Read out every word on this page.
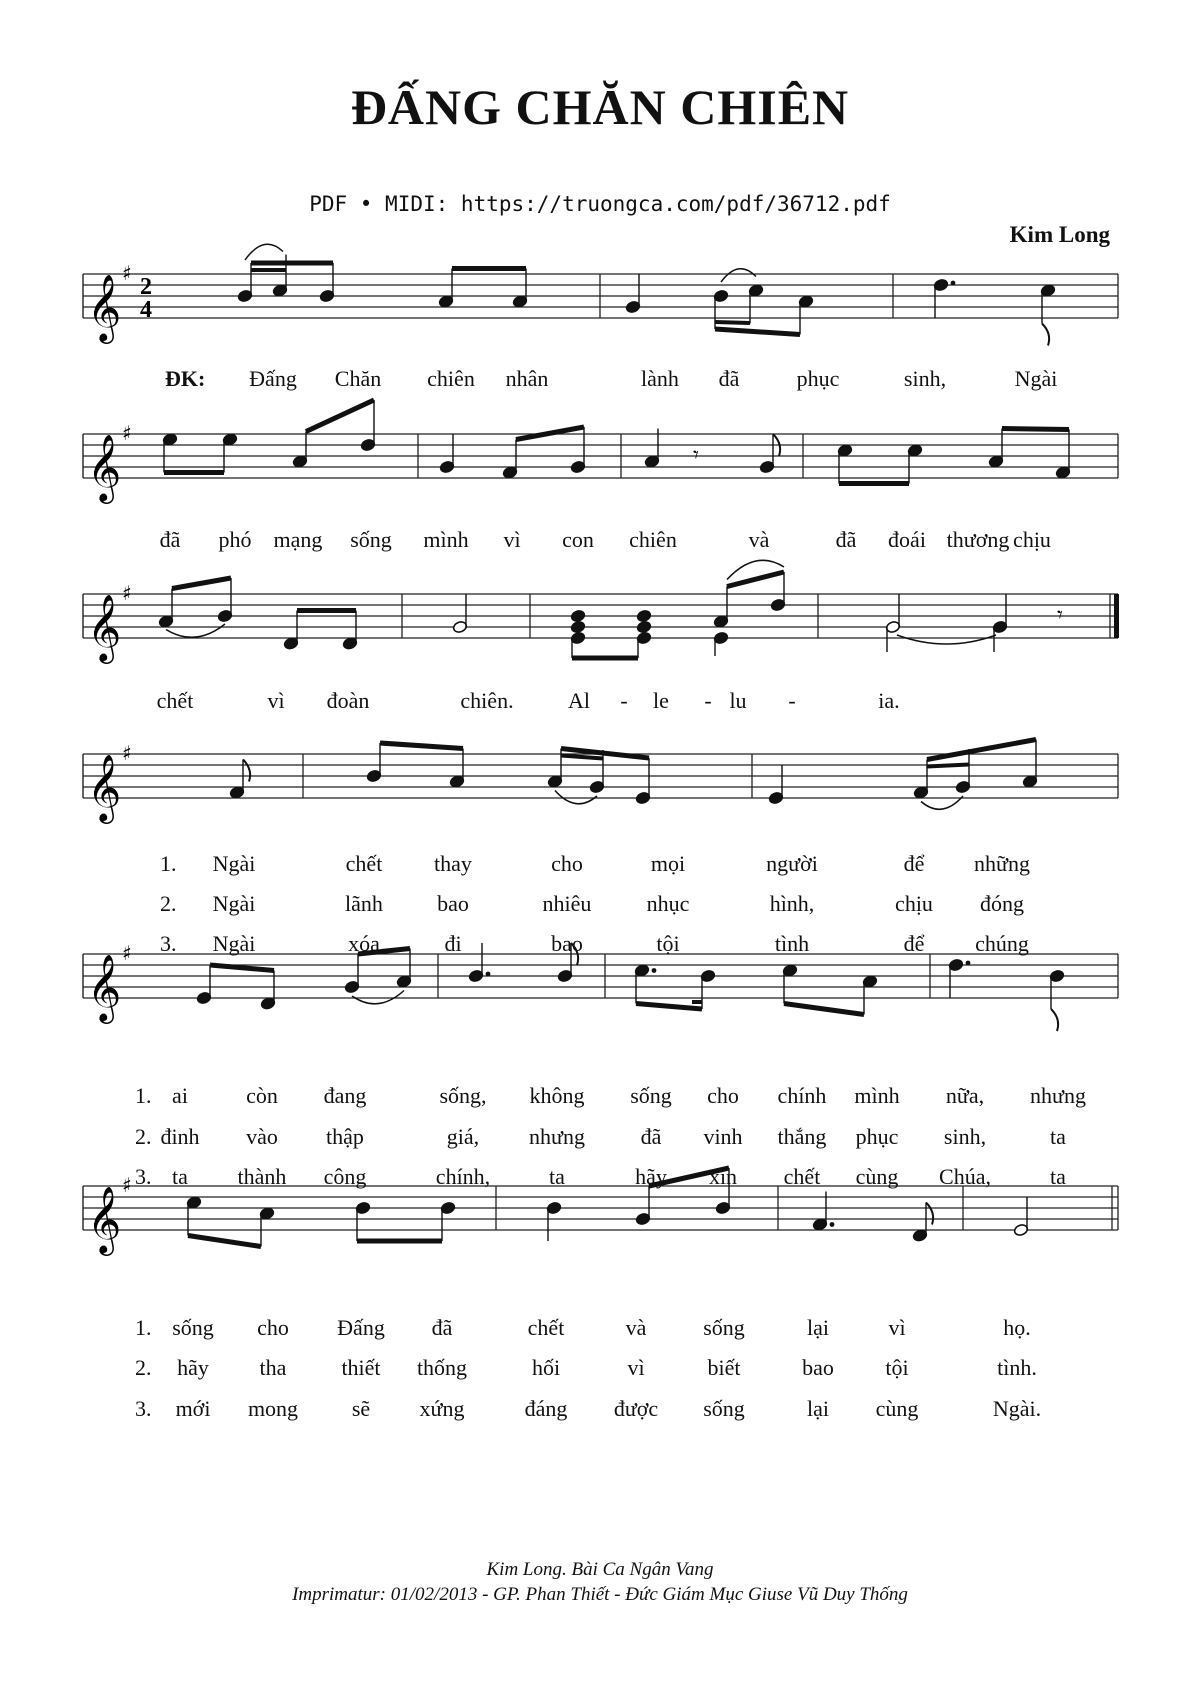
ĐẤNG CHĂN CHIÊN
PDF • MIDI: https://truongca.com/pdf/36712.pdf
Kim Long
𝄞 ♯
2
4
𝄞 ♯
𝄞 ♯
𝄞 ♯
𝄞 ♯
𝄞 ♯
𝄾
𝄾
ĐK: Đấng Chăn chiên nhân	lành đã	phục	sinh,	Ngài
đã phó mạng sống mình vì con chiên	và	đã đoái thương chịu
chết	vì đoàn	chiên. Al - le - lu -	ia.
1. Ngài	chết thay	cho	mọi	người	để những
2. Ngài	lãnh bao	nhiêu	nhục	hình,	chịu đóng
3. Ngài	xóa	đi	bao	tội	tình	để chúng
1. ai	còn đang	sống, không sống cho chính mình nữa, nhưng
2. đinh vào thập	giá, nhưng	đã vinh thắng phục sinh,	ta
3. ta thành công	chính,	ta	hãy xin chết cùng Chúa,	ta
1. sống cho Đấng đã	chết	và	sống	lại	vì	họ.
2. hãy tha	thiết thống	hối	vì	biết	bao tội	tình.
3. mới mong sẽ xứng	đáng được sống	lại cùng	Ngài.
Kim Long. Bài Ca Ngân Vang
Imprimatur: 01/02/2013 - GP. Phan Thiết - Đức Giám Mục Giuse Vũ Duy Thống
